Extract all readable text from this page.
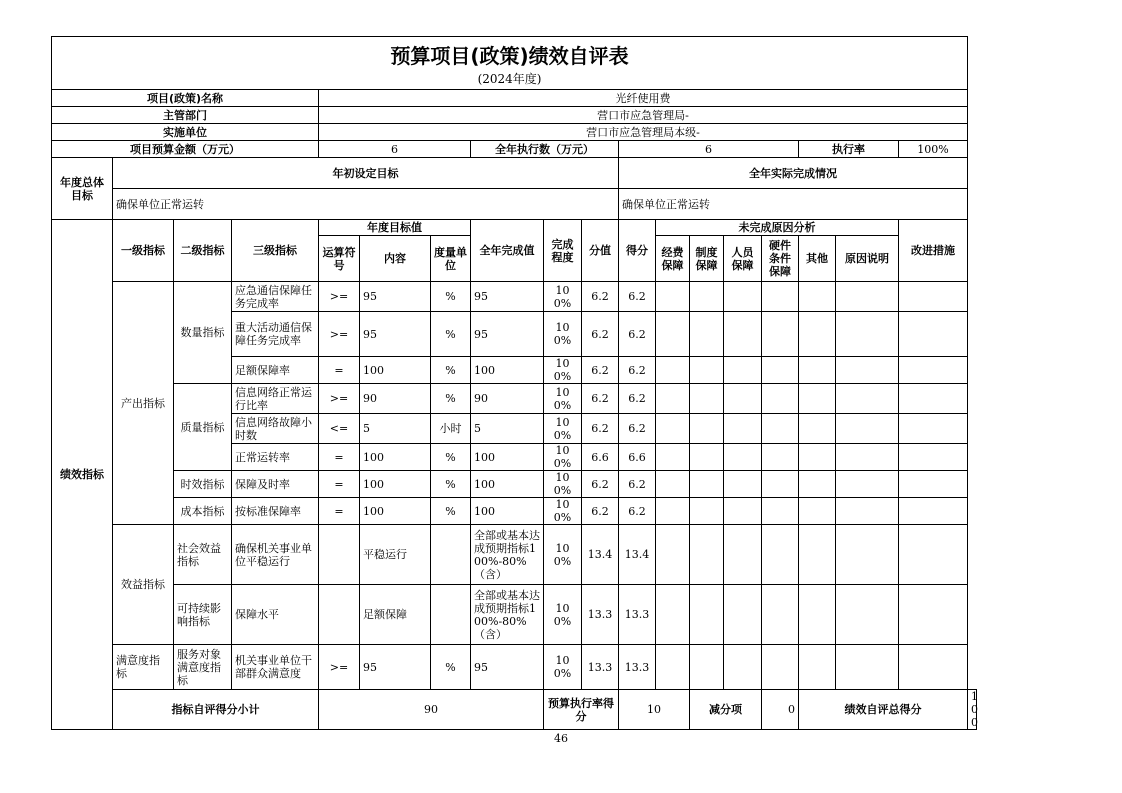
预算项目(政策)绩效自评表																		
(2024年度)																		
项目(政策)名称				光纤使用费														
主管部门				营口市应急管理局-														
实施单位				营口市应急管理局本级-														
项目预算金额（万元）				6			全年执行数（万元）			6					执行率		100%	
年度总体目标	年初设定目标									全年实际完成情况								
	确保单位正常运转									确保单位正常运转								
绩效指标	一级指标	二级指标	三级指标	年度目标值			全年完成值	完成程度	分值	得分	未完成原因分析						改进措施	
				运算符号	内容	度量单位					经费保障	制度保障	人员保障	硬件条件保障	其他	原因说明		
	产出指标	数量指标	应急通信保障任务完成率	>=	95	%	95	100%	6.2	6.2								
			重大活动通信保障任务完成率	>=	95	%	95	100%	6.2	6.2								
			足额保障率	=	100	%	100	100%	6.2	6.2								
		质量指标	信息网络正常运行比率	>=	90	%	90	100%	6.2	6.2								
			信息网络故障小时数	<=	5	小时	5	100%	6.2	6.2								
			正常运转率	=	100	%	100	100%	6.6	6.6								
		时效指标	保障及时率	=	100	%	100	100%	6.2	6.2								
		成本指标	按标准保障率	=	100	%	100	100%	6.2	6.2								
	效益指标	社会效益指标	确保机关事业单位平稳运行		平稳运行		全部或基本达成预期指标100%-80%（含）	100%	13.4	13.4								
		可持续影响指标	保障水平		足额保障		全部或基本达成预期指标100%-80%（含）	100%	13.3	13.3								
	满意度指标	服务对象满意度指标	机关事业单位干部群众满意度	>=	95	%	95	100%	13.3	13.3								
	指标自评得分小计			90				预算执行率得分		10		减分项		0	绩效自评总得分			100
46
